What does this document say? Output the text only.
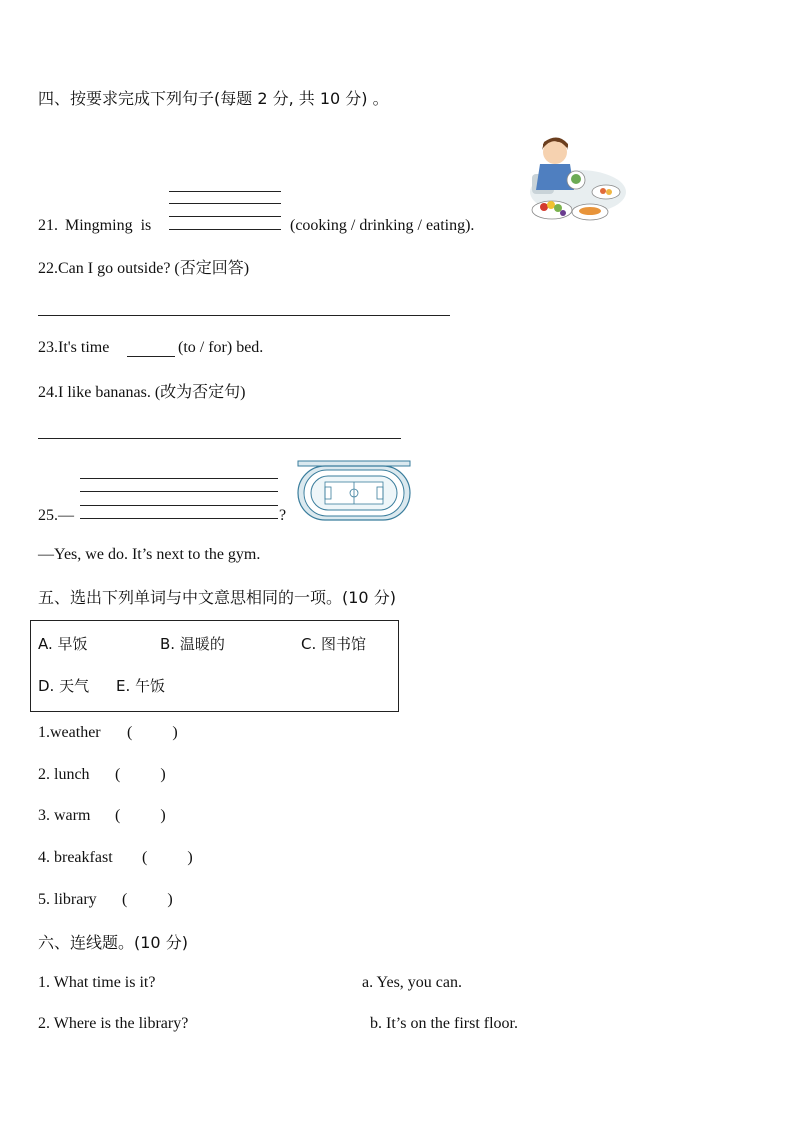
四、按要求完成下列句子(每题 2 分, 共 10 分) 。
21. Mingming is	(cooking / drinking / eating).
22.Can I go outside? (否定回答)
23.It's time	(to / for) bed.
24.I like bananas. (改为否定句)
25.—	?
—Yes, we do. It’s next to the gym.
五、选出下列单词与中文意思相同的一项。(10 分)
A. 早饭	B. 温暖的	C. 图书馆
D. 天气 E. 午饭
1.weather (          )
2. lunch (          )
3. warm (          )
4. breakfast (          )
5. library (          )
六、连线题。(10 分)
1. What time is it?	a. Yes, you can.
2. Where is the library?	b. It’s on the first floor.
